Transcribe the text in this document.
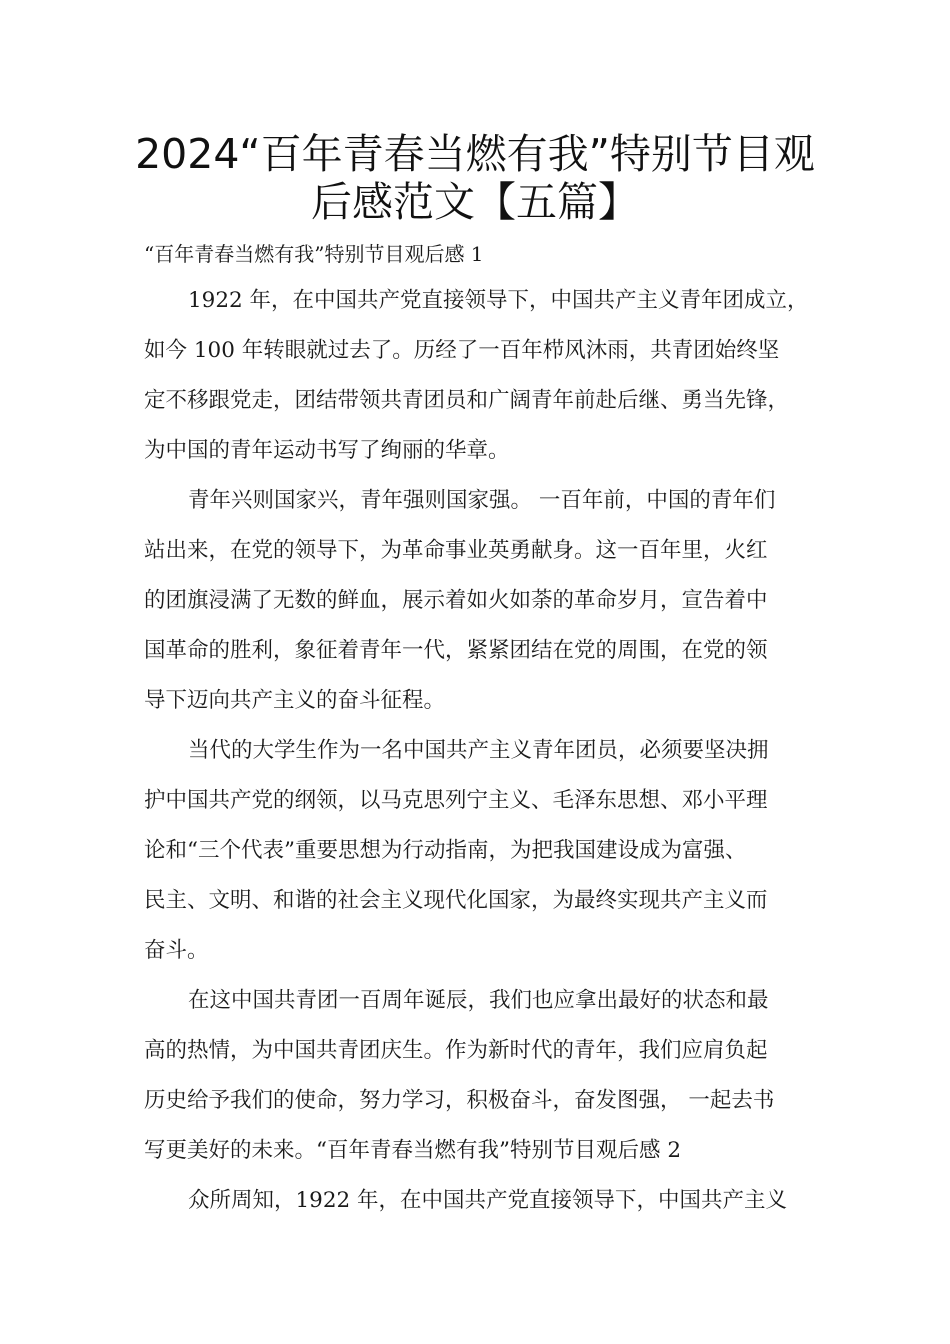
2024“百年青春当燃有我”特别节目观
后感范文【五篇】
“百年青春当燃有我”特别节目观后感 1
1922 年，在中国共产党直接领导下，中国共产主义青年团成立，
如今 100 年转眼就过去了。历经了一百年栉风沐雨，共青团始终坚
定不移跟党走，团结带领共青团员和广阔青年前赴后继、勇当先锋，
为中国的青年运动书写了绚丽的华章。
青年兴则国家兴，青年强则国家强。 一百年前，中国的青年们
站出来，在党的领导下，为革命事业英勇献身。这一百年里，火红
的团旗浸满了无数的鲜血，展示着如火如荼的革命岁月，宣告着中
国革命的胜利，象征着青年一代，紧紧团结在党的周围，在党的领
导下迈向共产主义的奋斗征程。
当代的大学生作为一名中国共产主义青年团员，必须要坚决拥
护中国共产党的纲领，以马克思列宁主义、毛泽东思想、邓小平理
论和“三个代表”重要思想为行动指南，为把我国建设成为富强、
民主、文明、和谐的社会主义现代化国家，为最终实现共产主义而
奋斗。
在这中国共青团一百周年诞辰，我们也应拿出最好的状态和最
高的热情，为中国共青团庆生。作为新时代的青年，我们应肩负起
历史给予我们的使命，努力学习，积极奋斗，奋发图强， 一起去书
写更美好的未来。“百年青春当燃有我”特别节目观后感 2
众所周知，1922 年，在中国共产党直接领导下，中国共产主义
